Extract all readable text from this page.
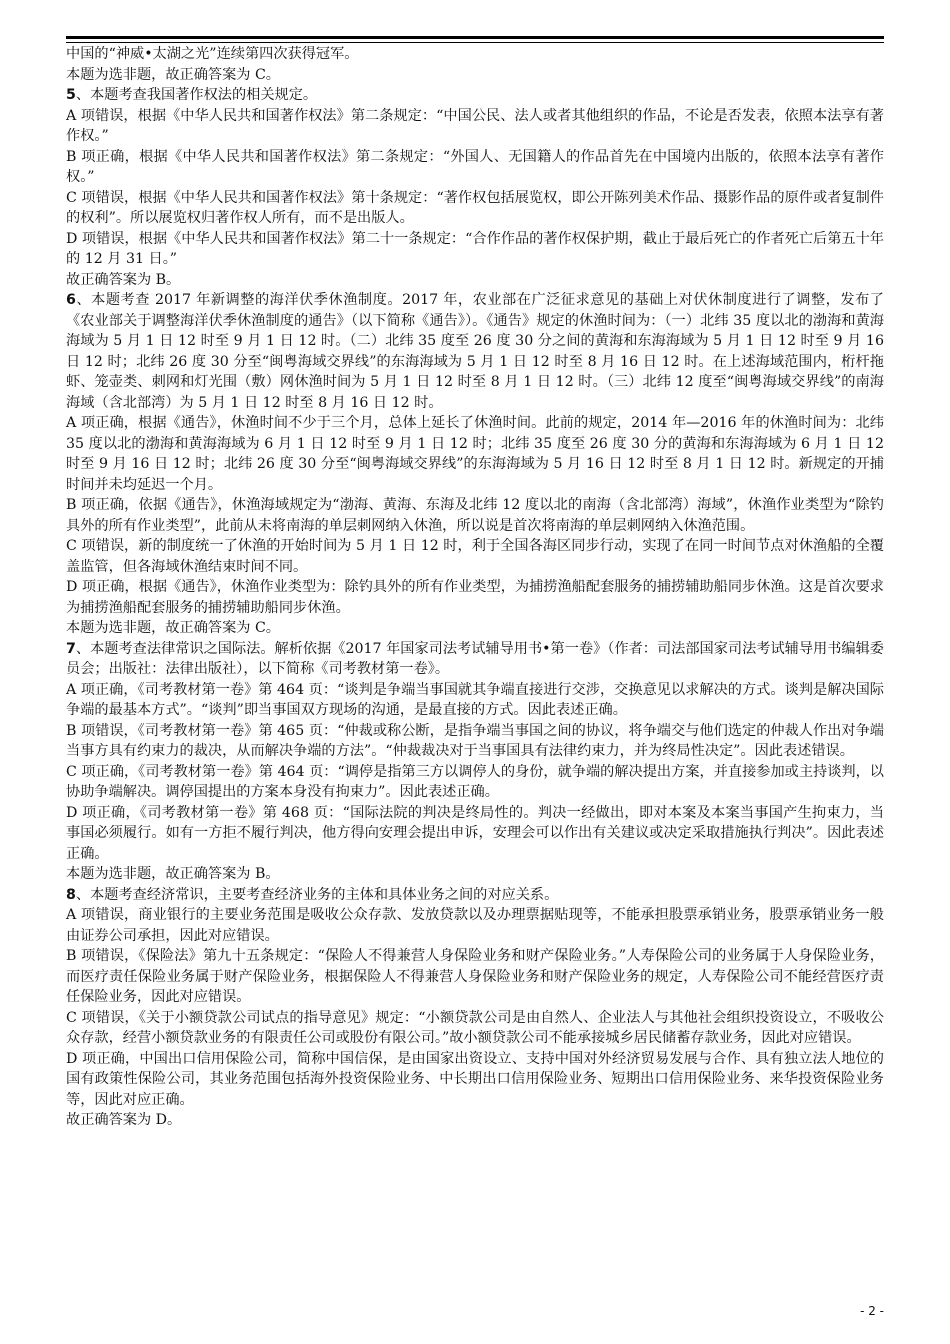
中国的“神威•太湖之光”连续第四次获得冠军。

本题为选非题，故正确答案为 C。

5、本题考查我国著作权法的相关规定。

A 项错误，根据《中华人民共和国著作权法》第二条规定：“中国公民、法人或者其他组织的作品，不论是否发表，依照本法享有著作权。”

B 项正确，根据《中华人民共和国著作权法》第二条规定：“外国人、无国籍人的作品首先在中国境内出版的，依照本法享有著作权。”

C 项错误，根据《中华人民共和国著作权法》第十条规定：“著作权包括展览权，即公开陈列美术作品、摄影作品的原件或者复制件的权利”。所以展览权归著作权人所有，而不是出版人。

D 项错误，根据《中华人民共和国著作权法》第二十一条规定：“合作作品的著作权保护期，截止于最后死亡的作者死亡后第五十年的 12 月 31 日。”

故正确答案为 B。

6、本题考查 2017 年新调整的海洋伏季休渔制度。2017 年，农业部在广泛征求意见的基础上对伏休制度进行了调整，发布了《农业部关于调整海洋伏季休渔制度的通告》（以下简称《通告》）。《通告》规定的休渔时间为：（一）北纬 35 度以北的渤海和黄海海域为 5 月 1 日 12 时至 9 月 1 日 12 时。（二）北纬 35 度至 26 度 30 分之间的黄海和东海海域为 5 月 1 日 12 时至 9 月 16 日 12 时；北纬 26 度 30 分至“闽粤海域交界线”的东海海域为 5 月 1 日 12 时至 8 月 16 日 12 时。在上述海域范围内，桁杆拖虾、笼壶类、刺网和灯光围（敷）网休渔时间为 5 月 1 日 12 时至 8 月 1 日 12 时。（三）北纬 12 度至“闽粤海域交界线”的南海海域（含北部湾）为 5 月 1 日 12 时至 8 月 16 日 12 时。

A 项正确，根据《通告》，休渔时间不少于三个月，总体上延长了休渔时间。此前的规定，2014 年—2016 年的休渔时间为：北纬 35 度以北的渤海和黄海海域为 6 月 1 日 12 时至 9 月 1 日 12 时；北纬 35 度至 26 度 30 分的黄海和东海海域为 6 月 1 日 12 时至 9 月 16 日 12 时；北纬 26 度 30 分至“闽粤海域交界线”的东海海域为 5 月 16 日 12 时至 8 月 1 日 12 时。新规定的开捕时间并未均延迟一个月。

B 项正确，依据《通告》，休渔海域规定为“渤海、黄海、东海及北纬 12 度以北的南海（含北部湾）海域”，休渔作业类型为“除钓具外的所有作业类型”，此前从未将南海的单层刺网纳入休渔，所以说是首次将南海的单层刺网纳入休渔范围。

C 项错误，新的制度统一了休渔的开始时间为 5 月 1 日 12 时，利于全国各海区同步行动，实现了在同一时间节点对休渔船的全覆盖监管，但各海域休渔结束时间不同。

D 项正确，根据《通告》，休渔作业类型为：除钓具外的所有作业类型，为捕捞渔船配套服务的捕捞辅助船同步休渔。这是首次要求为捕捞渔船配套服务的捕捞辅助船同步休渔。

本题为选非题，故正确答案为 C。

7、本题考查法律常识之国际法。解析依据《2017 年国家司法考试辅导用书•第一卷》（作者：司法部国家司法考试辅导用书编辑委员会；出版社：法律出版社），以下简称《司考教材第一卷》。

A 项正确，《司考教材第一卷》第 464 页：“谈判是争端当事国就其争端直接进行交涉，交换意见以求解决的方式。谈判是解决国际争端的最基本方式”。“谈判”即当事国双方现场的沟通，是最直接的方式。因此表述正确。

B 项错误，《司考教材第一卷》第 465 页：“仲裁或称公断，是指争端当事国之间的协议，将争端交与他们选定的仲裁人作出对争端当事方具有约束力的裁决，从而解决争端的方法”。“仲裁裁决对于当事国具有法律约束力，并为终局性决定”。因此表述错误。

C 项正确，《司考教材第一卷》第 464 页：“调停是指第三方以调停人的身份，就争端的解决提出方案，并直接参加或主持谈判，以协助争端解决。调停国提出的方案本身没有拘束力”。因此表述正确。

D 项正确，《司考教材第一卷》第 468 页：“国际法院的判决是终局性的。判决一经做出，即对本案及本案当事国产生拘束力，当事国必须履行。如有一方拒不履行判决，他方得向安理会提出申诉，安理会可以作出有关建议或决定采取措施执行判决”。因此表述正确。

本题为选非题，故正确答案为 B。

8、本题考查经济常识，主要考查经济业务的主体和具体业务之间的对应关系。

A 项错误，商业银行的主要业务范围是吸收公众存款、发放贷款以及办理票据贴现等，不能承担股票承销业务，股票承销业务一般由证券公司承担，因此对应错误。

B 项错误，《保险法》第九十五条规定：“保险人不得兼营人身保险业务和财产保险业务。”人寿保险公司的业务属于人身保险业务，而医疗责任保险业务属于财产保险业务，根据保险人不得兼营人身保险业务和财产保险业务的规定，人寿保险公司不能经营医疗责任保险业务，因此对应错误。

C 项错误，《关于小额贷款公司试点的指导意见》规定：“小额贷款公司是由自然人、企业法人与其他社会组织投资设立，不吸收公众存款，经营小额贷款业务的有限责任公司或股份有限公司。”故小额贷款公司不能承接城乡居民储蓄存款业务，因此对应错误。

D 项正确，中国出口信用保险公司，简称中国信保，是由国家出资设立、支持中国对外经济贸易发展与合作、具有独立法人地位的国有政策性保险公司，其业务范围包括海外投资保险业务、中长期出口信用保险业务、短期出口信用保险业务、来华投资保险业务等，因此对应正确。

故正确答案为 D。

- 2 -
